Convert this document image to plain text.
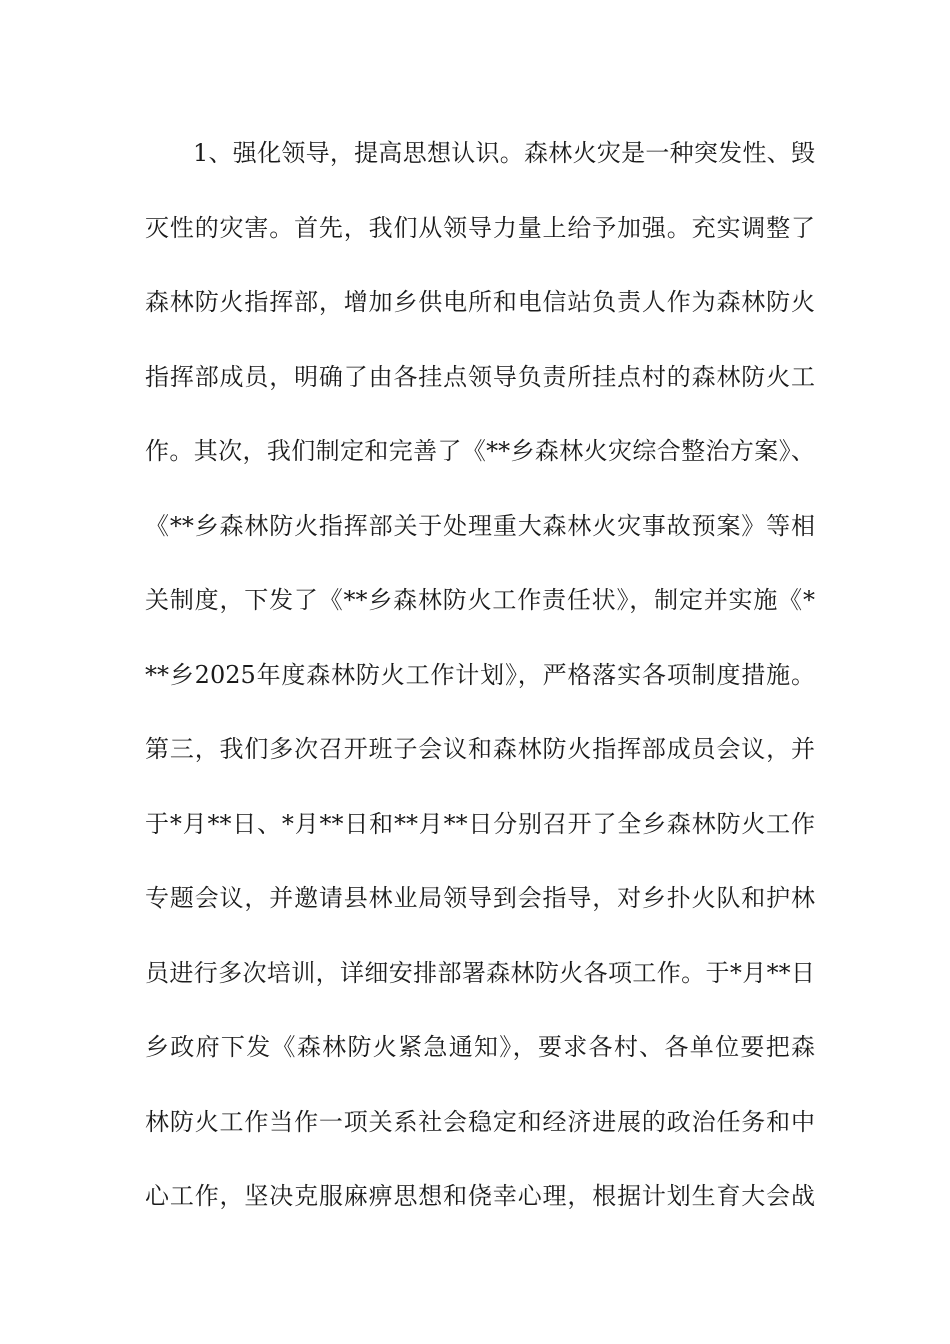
1、强化领导，提高思想认识。森林火灾是一种突发性、毁
灭性的灾害。首先，我们从领导力量上给予加强。充实调整了
森林防火指挥部，增加乡供电所和电信站负责人作为森林防火
指挥部成员，明确了由各挂点领导负责所挂点村的森林防火工
作。其次，我们制定和完善了《**乡森林火灾综合整治方案》、
《**乡森林防火指挥部关于处理重大森林火灾事故预案》等相
关制度，下发了《**乡森林防火工作责任状》，制定并实施《*
**乡2025年度森林防火工作计划》，严格落实各项制度措施。
第三，我们多次召开班子会议和森林防火指挥部成员会议，并
于*月**日、*月**日和**月**日分别召开了全乡森林防火工作
专题会议，并邀请县林业局领导到会指导，对乡扑火队和护林
员进行多次培训，详细安排部署森林防火各项工作。于*月**日
乡政府下发《森林防火紧急通知》，要求各村、各单位要把森
林防火工作当作一项关系社会稳定和经济进展的政治任务和中
心工作，坚决克服麻痹思想和侥幸心理，根据计划生育大会战
